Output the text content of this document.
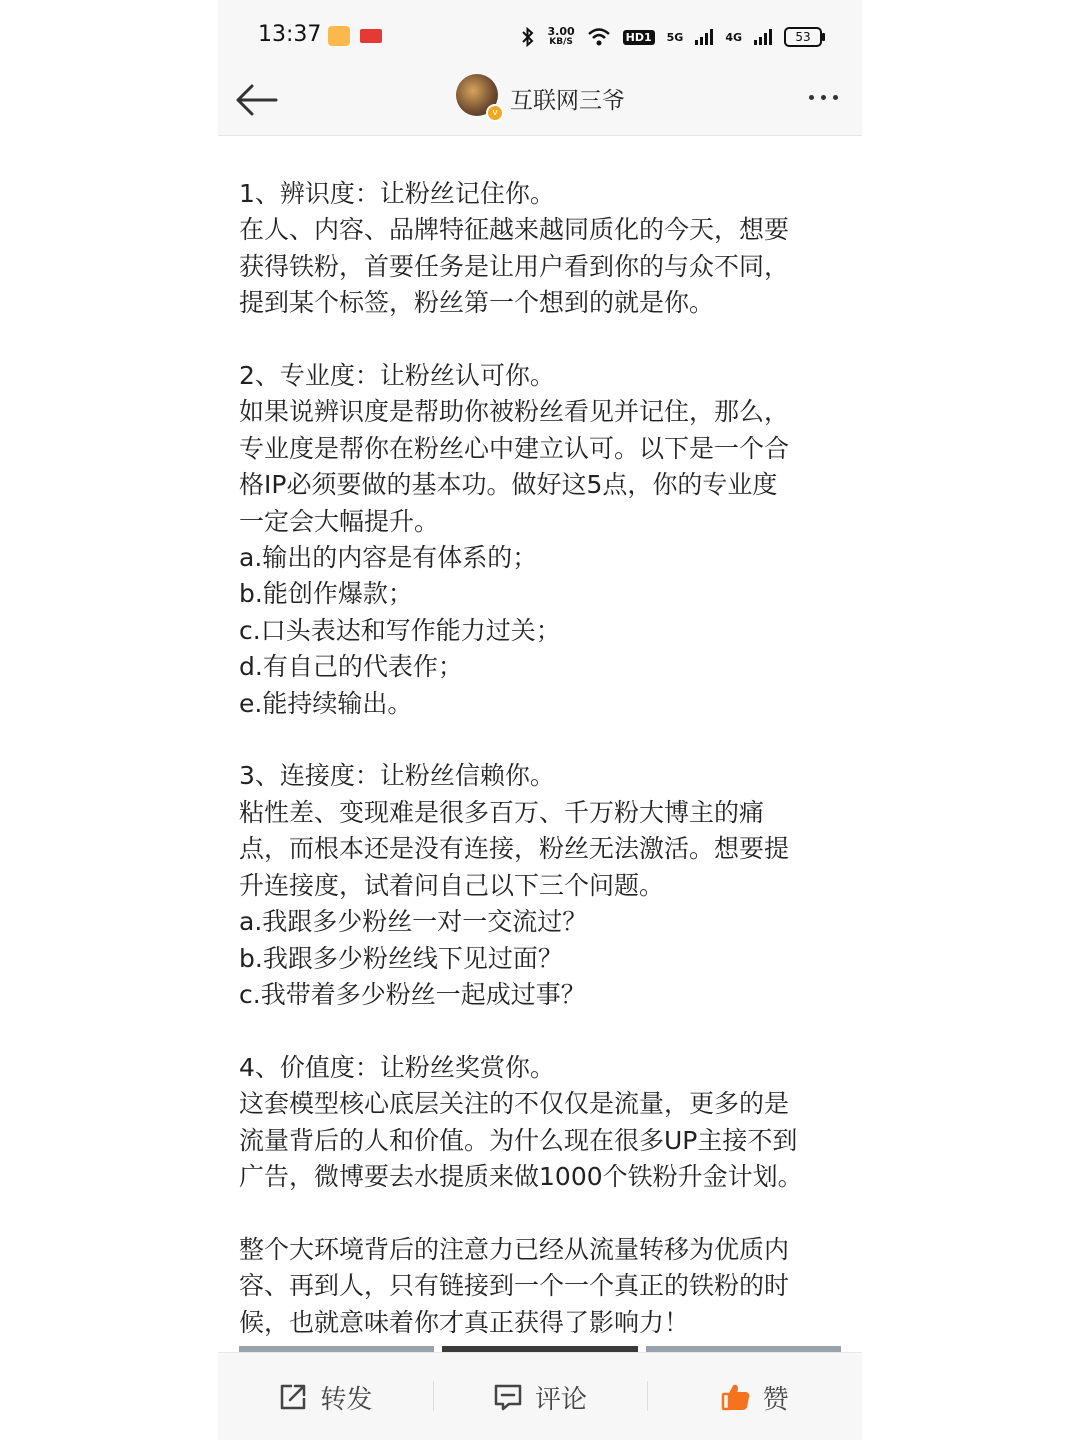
13:37	3.00
KB/S	HD1 5G	4G	53
v 互联网三爷

1、辨识度：让粉丝记住你。

在人、内容、品牌特征越来越同质化的今天，想要

获得铁粉，首要任务是让用户看到你的与众不同，

提到某个标签，粉丝第一个想到的就是你。

2、专业度：让粉丝认可你。

如果说辨识度是帮助你被粉丝看见并记住，那么，

专业度是帮你在粉丝心中建立认可。以下是一个合

格IP必须要做的基本功。做好这5点，你的专业度

一定会大幅提升。

a.输出的内容是有体系的；

b.能创作爆款；

c.口头表达和写作能力过关；

d.有自己的代表作；

e.能持续输出。

3、连接度：让粉丝信赖你。

粘性差、变现难是很多百万、千万粉大博主的痛

点，而根本还是没有连接，粉丝无法激活。想要提

升连接度，试着问自己以下三个问题。

a.我跟多少粉丝一对一交流过？

b.我跟多少粉丝线下见过面？

c.我带着多少粉丝一起成过事？

4、价值度：让粉丝奖赏你。

这套模型核心底层关注的不仅仅是流量，更多的是

流量背后的人和价值。为什么现在很多UP主接不到

广告，微博要去水提质来做1000个铁粉升金计划。

整个大环境背后的注意力已经从流量转移为优质内

容、再到人，只有链接到一个一个真正的铁粉的时

候，也就意味着你才真正获得了影响力！

转发	评论	赞
